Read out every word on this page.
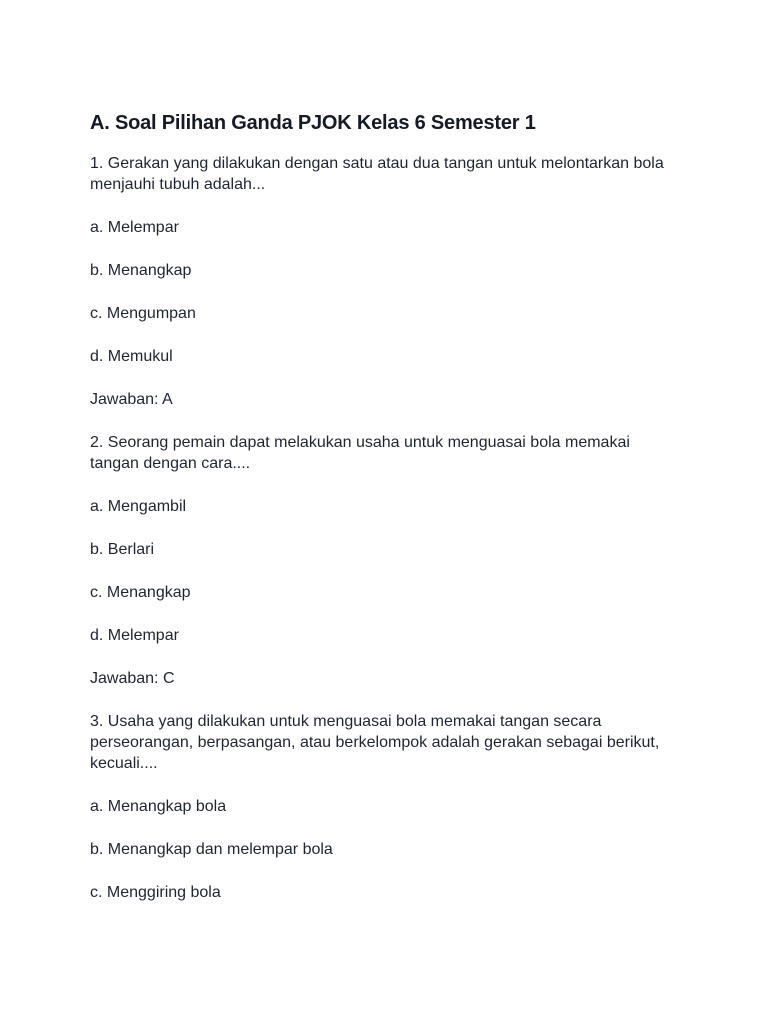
A. Soal Pilihan Ganda PJOK Kelas 6 Semester 1

1. Gerakan yang dilakukan dengan satu atau dua tangan untuk melontarkan bola menjauhi tubuh adalah...

a. Melempar

b. Menangkap

c. Mengumpan

d. Memukul

Jawaban: A

2. Seorang pemain dapat melakukan usaha untuk menguasai bola memakai tangan dengan cara....

a. Mengambil

b. Berlari

c. Menangkap

d. Melempar

Jawaban: C

3. Usaha yang dilakukan untuk menguasai bola memakai tangan secara perseorangan, berpasangan, atau berkelompok adalah gerakan sebagai berikut, kecuali....

a. Menangkap bola

b. Menangkap dan melempar bola

c. Menggiring bola
